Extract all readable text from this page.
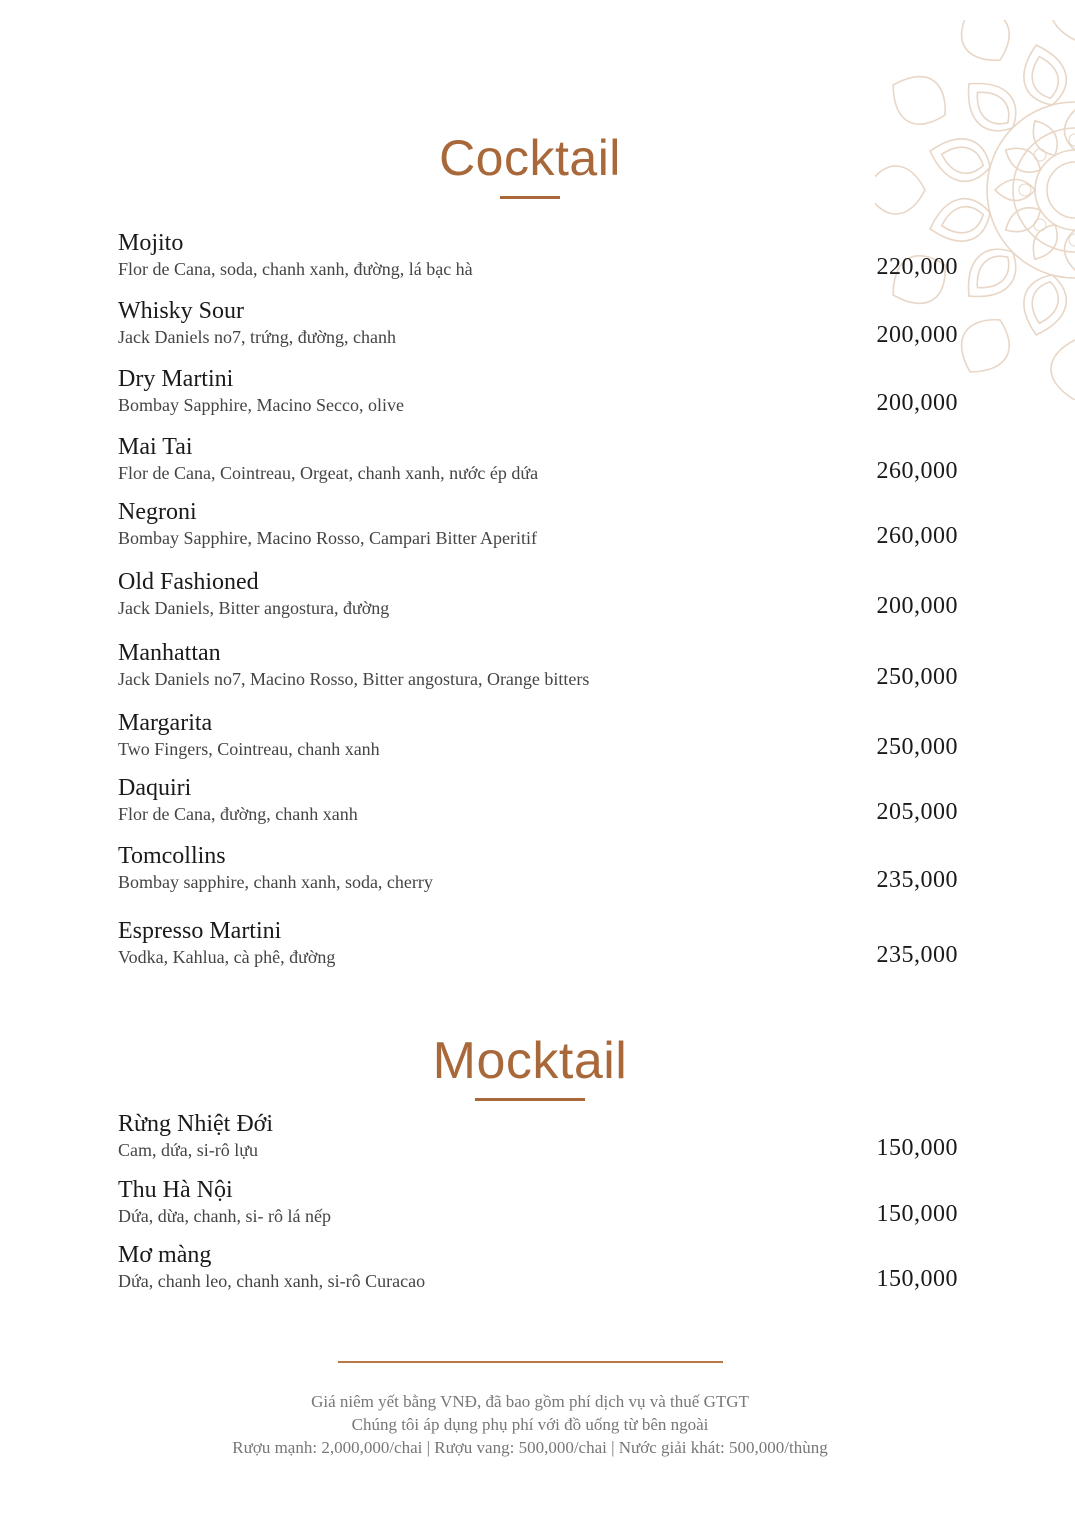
Cocktail
Mojito
Flor de Cana, soda, chanh xanh, đường, lá bạc hà	220,000
Whisky Sour
Jack Daniels no7, trứng, đường, chanh	200,000
Dry Martini
Bombay Sapphire, Macino Secco, olive	200,000
Mai Tai
Flor de Cana, Cointreau, Orgeat, chanh xanh, nước ép dứa	260,000
Negroni
Bombay Sapphire, Macino Rosso, Campari Bitter Aperitif	260,000
Old Fashioned
Jack Daniels, Bitter angostura, đường	200,000
Manhattan
Jack Daniels no7, Macino Rosso, Bitter angostura, Orange bitters	250,000
Margarita
Two Fingers, Cointreau, chanh xanh	250,000
Daquiri
Flor de Cana, đường, chanh xanh	205,000
Tomcollins
Bombay sapphire, chanh xanh, soda, cherry	235,000
Espresso Martini
Vodka, Kahlua, cà phê, đường	235,000
Mocktail
Rừng Nhiệt Đới
Cam, dứa, si-rô lựu	150,000
Thu Hà Nội
Dứa, dừa, chanh, si- rô lá nếp	150,000
Mơ màng
Dứa, chanh leo, chanh xanh, si-rô Curacao	150,000
Giá niêm yết bằng VNĐ, đã bao gồm phí dịch vụ và thuế GTGT
Chúng tôi áp dụng phụ phí với đồ uống từ bên ngoài
Rượu mạnh: 2,000,000/chai | Rượu vang: 500,000/chai | Nước giải khát: 500,000/thùng
